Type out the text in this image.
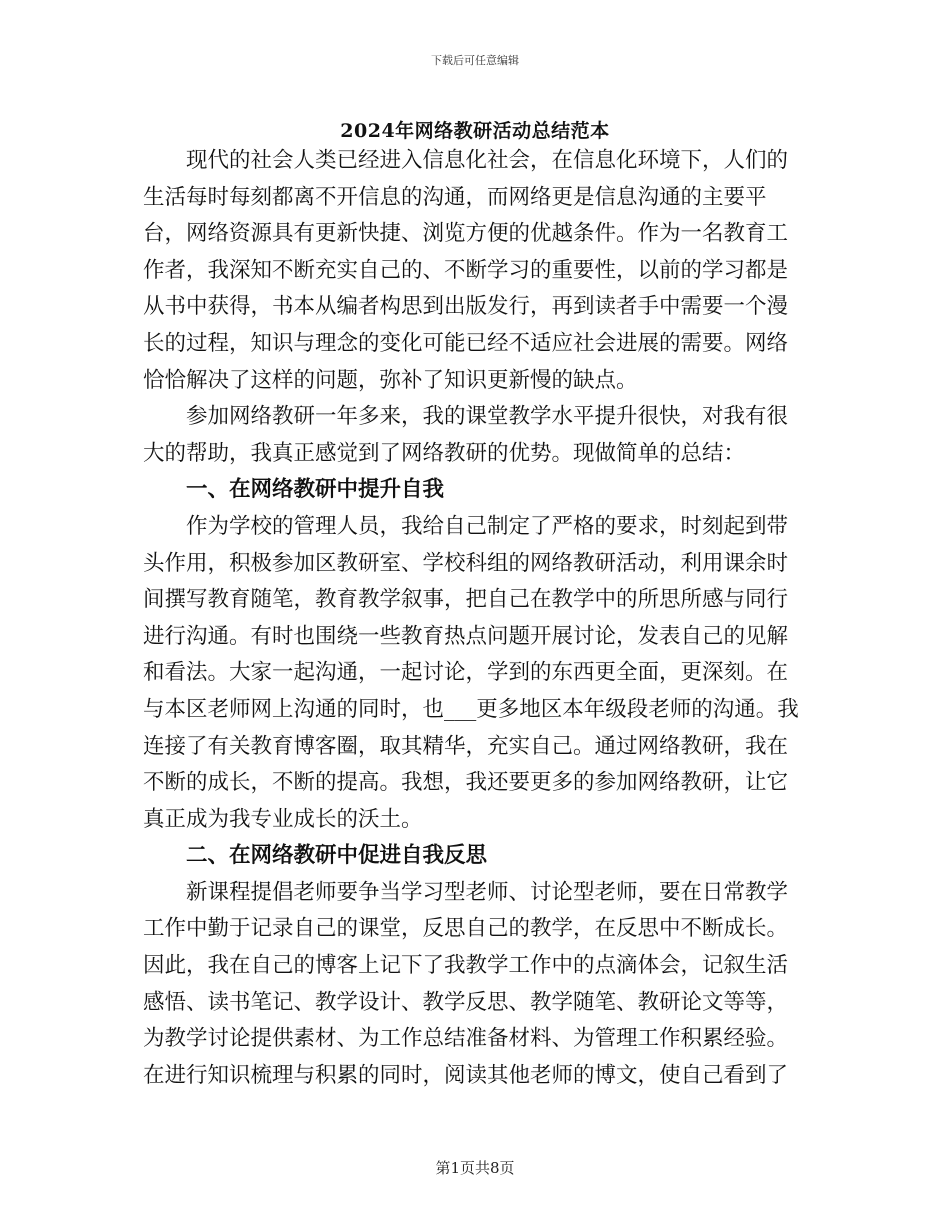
下载后可任意编辑
2024年网络教研活动总结范本

现代的社会人类已经进入信息化社会，在信息化环境下，人们的生活每时每刻都离不开信息的沟通，而网络更是信息沟通的主要平台，网络资源具有更新快捷、浏览方便的优越条件。作为一名教育工作者，我深知不断充实自己的、不断学习的重要性，以前的学习都是从书中获得，书本从编者构思到出版发行，再到读者手中需要一个漫长的过程，知识与理念的变化可能已经不适应社会进展的需要。网络恰恰解决了这样的问题，弥补了知识更新慢的缺点。

参加网络教研一年多来，我的课堂教学水平提升很快，对我有很大的帮助，我真正感觉到了网络教研的优势。现做简单的总结：

一、在网络教研中提升自我

作为学校的管理人员，我给自己制定了严格的要求，时刻起到带头作用，积极参加区教研室、学校科组的网络教研活动，利用课余时间撰写教育随笔，教育教学叙事，把自己在教学中的所思所感与同行进行沟通。有时也围绕一些教育热点问题开展讨论，发表自己的见解和看法。大家一起沟通，一起讨论，学到的东西更全面，更深刻。在与本区老师网上沟通的同时，也___更多地区本年级段老师的沟通。我连接了有关教育博客圈，取其精华，充实自己。通过网络教研，我在不断的成长，不断的提高。我想，我还要更多的参加网络教研，让它真正成为我专业成长的沃土。

二、在网络教研中促进自我反思

新课程提倡老师要争当学习型老师、讨论型老师，要在日常教学工作中勤于记录自己的课堂，反思自己的教学，在反思中不断成长。因此，我在自己的博客上记下了我教学工作中的点滴体会，记叙生活感悟、读书笔记、教学设计、教学反思、教学随笔、教研论文等等，为教学讨论提供素材、为工作总结准备材料、为管理工作积累经验。在进行知识梳理与积累的同时，阅读其他老师的博文，使自己看到了

第1页共8页
